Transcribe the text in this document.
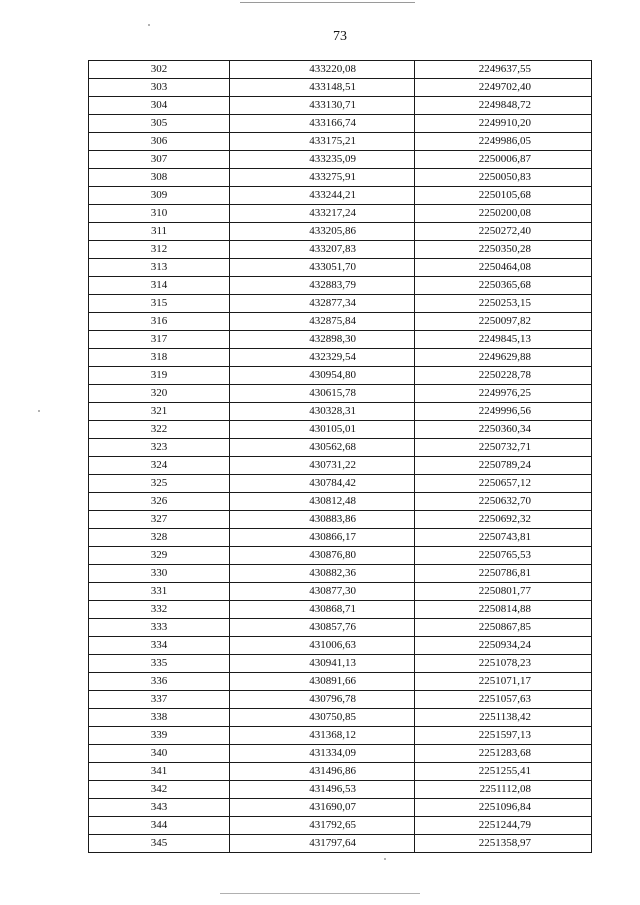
73
302	433220,08	2249637,55
303	433148,51	2249702,40
304	433130,71	2249848,72
305	433166,74	2249910,20
306	433175,21	2249986,05
307	433235,09	2250006,87
308	433275,91	2250050,83
309	433244,21	2250105,68
310	433217,24	2250200,08
311	433205,86	2250272,40
312	433207,83	2250350,28
313	433051,70	2250464,08
314	432883,79	2250365,68
315	432877,34	2250253,15
316	432875,84	2250097,82
317	432898,30	2249845,13
318	432329,54	2249629,88
319	430954,80	2250228,78
320	430615,78	2249976,25
321	430328,31	2249996,56
322	430105,01	2250360,34
323	430562,68	2250732,71
324	430731,22	2250789,24
325	430784,42	2250657,12
326	430812,48	2250632,70
327	430883,86	2250692,32
328	430866,17	2250743,81
329	430876,80	2250765,53
330	430882,36	2250786,81
331	430877,30	2250801,77
332	430868,71	2250814,88
333	430857,76	2250867,85
334	431006,63	2250934,24
335	430941,13	2251078,23
336	430891,66	2251071,17
337	430796,78	2251057,63
338	430750,85	2251138,42
339	431368,12	2251597,13
340	431334,09	2251283,68
341	431496,86	2251255,41
342	431496,53	2251112,08
343	431690,07	2251096,84
344	431792,65	2251244,79
345	431797,64	2251358,97
